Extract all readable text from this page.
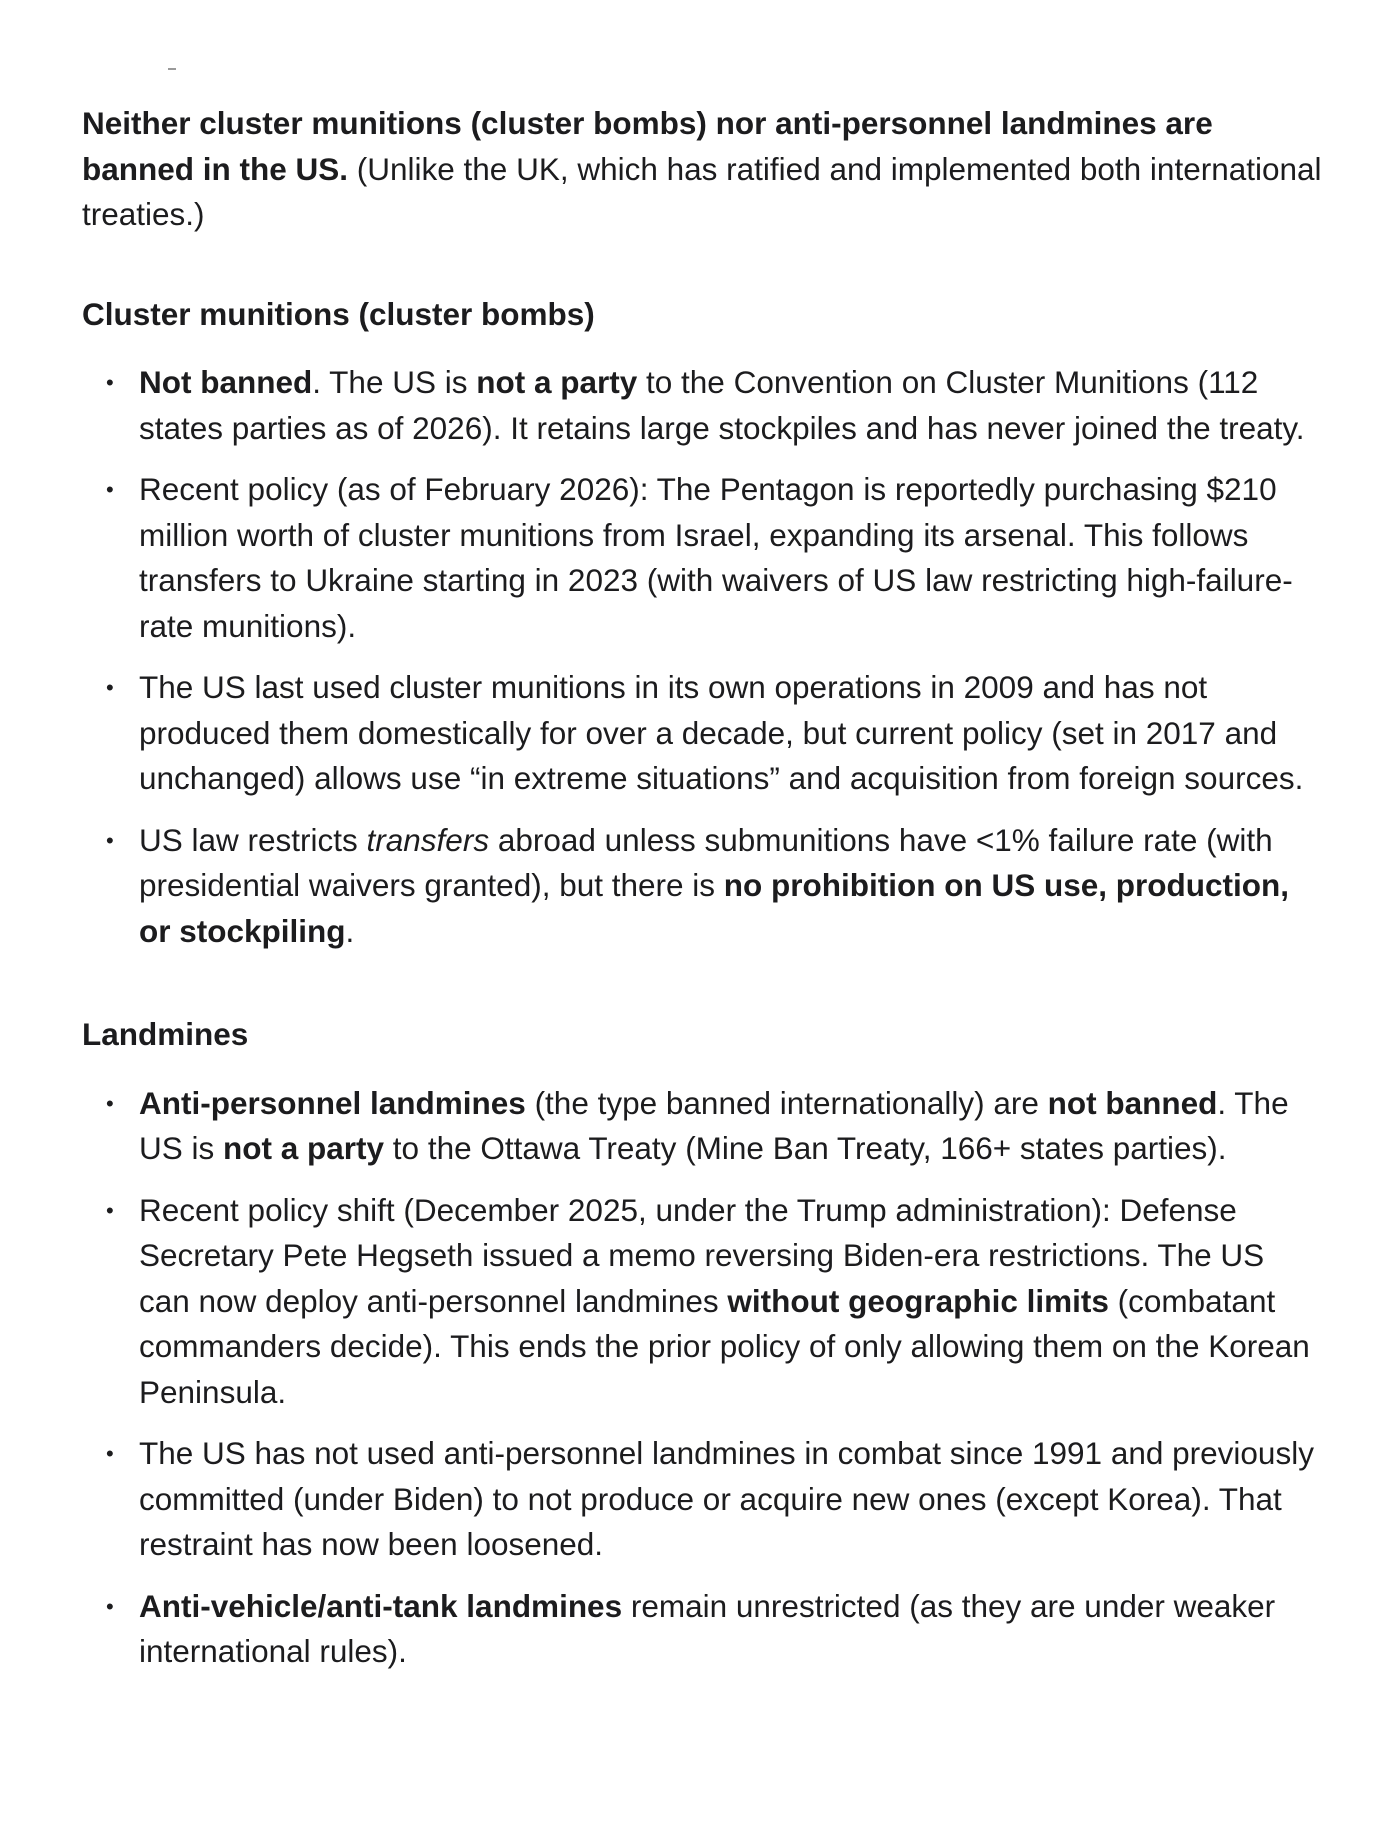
Neither cluster munitions (cluster bombs) nor anti-personnel landmines are banned in the US. (Unlike the UK, which has ratified and implemented both international treaties.)

Cluster munitions (cluster bombs)
• Not banned. The US is not a party to the Convention on Cluster Munitions (112 states parties as of 2026). It retains large stockpiles and has never joined the treaty.
• Recent policy (as of February 2026): The Pentagon is reportedly purchasing $210 million worth of cluster munitions from Israel, expanding its arsenal. This follows transfers to Ukraine starting in 2023 (with waivers of US law restricting high-failure-rate munitions).
• The US last used cluster munitions in its own operations in 2009 and has not produced them domestically for over a decade, but current policy (set in 2017 and unchanged) allows use “in extreme situations” and acquisition from foreign sources.
• US law restricts transfers abroad unless submunitions have <1% failure rate (with presidential waivers granted), but there is no prohibition on US use, production, or stockpiling.
Landmines
• Anti-personnel landmines (the type banned internationally) are not banned. The US is not a party to the Ottawa Treaty (Mine Ban Treaty, 166+ states parties).
• Recent policy shift (December 2025, under the Trump administration): Defense Secretary Pete Hegseth issued a memo reversing Biden-era restrictions. The US can now deploy anti-personnel landmines without geographic limits (combatant commanders decide). This ends the prior policy of only allowing them on the Korean Peninsula.
• The US has not used anti-personnel landmines in combat since 1991 and previously committed (under Biden) to not produce or acquire new ones (except Korea). That restraint has now been loosened.
• Anti-vehicle/anti-tank landmines remain unrestricted (as they are under weaker international rules).
